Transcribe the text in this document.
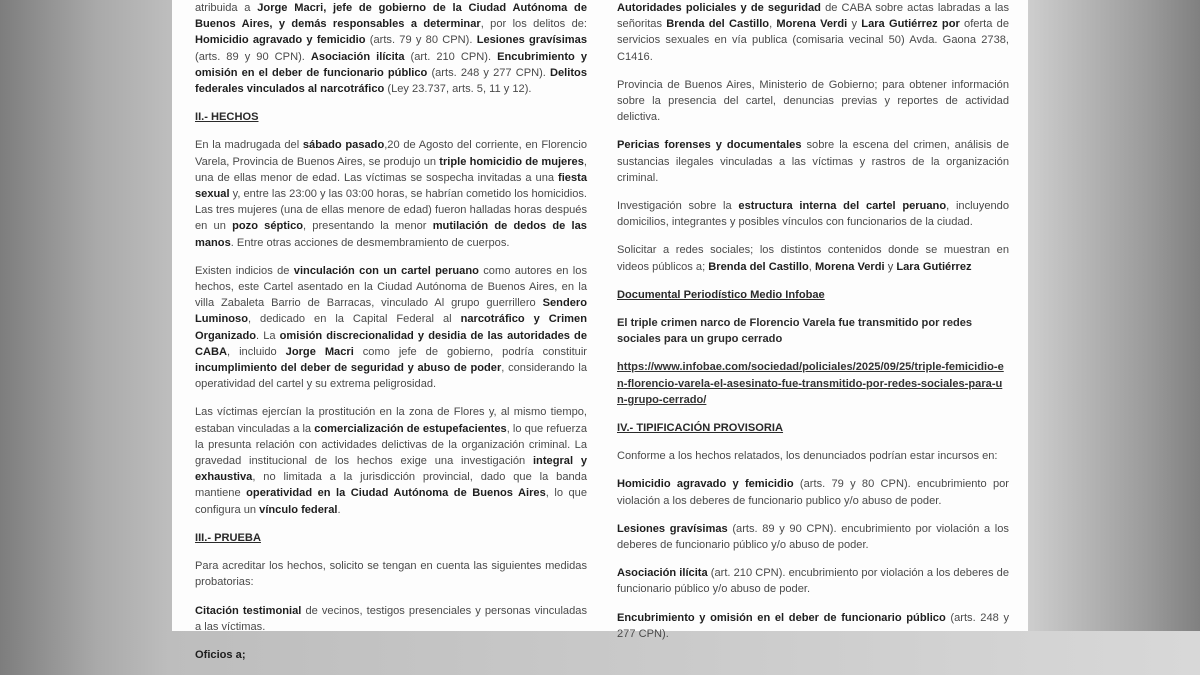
atribuida a Jorge Macri, jefe de gobierno de la Ciudad Autónoma de Buenos Aires, y demás responsables a determinar, por los delitos de: Homicidio agravado y femicidio (arts. 79 y 80 CPN). Lesiones gravísimas (arts. 89 y 90 CPN). Asociación ilícita (art. 210 CPN). Encubrimiento y omisión en el deber de funcionario público (arts. 248 y 277 CPN). Delitos federales vinculados al narcotráfico (Ley 23.737, arts. 5, 11 y 12).
II.- HECHOS
En la madrugada del sábado pasado,20 de Agosto del corriente, en Florencio Varela, Provincia de Buenos Aires, se produjo un triple homicidio de mujeres, una de ellas menor de edad. Las víctimas se sospecha invitadas a una fiesta sexual y, entre las 23:00 y las 03:00 horas, se habrían cometido los homicidios. Las tres mujeres (una de ellas menore de edad) fueron halladas horas después en un pozo séptico, presentando la menor mutilación de dedos de las manos. Entre otras acciones de desmembramiento de cuerpos.
Existen indicios de vinculación con un cartel peruano como autores en los hechos, este Cartel asentado en la Ciudad Autónoma de Buenos Aires, en la villa Zabaleta Barrio de Barracas, vinculado Al grupo guerrillero Sendero Luminoso, dedicado en la Capital Federal al narcotráfico y Crimen Organizado. La omisión discrecionalidad y desidia de las autoridades de CABA, incluido Jorge Macri como jefe de gobierno, podría constituir incumplimiento del deber de seguridad y abuso de poder, considerando la operatividad del cartel y su extrema peligrosidad.
Las víctimas ejercían la prostitución en la zona de Flores y, al mismo tiempo, estaban vinculadas a la comercialización de estupefacientes, lo que refuerza la presunta relación con actividades delictivas de la organización criminal. La gravedad institucional de los hechos exige una investigación integral y exhaustiva, no limitada a la jurisdicción provincial, dado que la banda mantiene operatividad en la Ciudad Autónoma de Buenos Aires, lo que configura un vínculo federal.
III.- PRUEBA
Para acreditar los hechos, solicito se tengan en cuenta las siguientes medidas probatorias:
Citación testimonial de vecinos, testigos presenciales y personas vinculadas a las víctimas.
Oficios a;
Autoridades policiales y de seguridad de CABA sobre actas labradas a las señoritas Brenda del Castillo, Morena Verdi y Lara Gutiérrez por oferta de servicios sexuales en vía publica (comisaria vecinal 50) Avda. Gaona 2738, C1416.
Provincia de Buenos Aires, Ministerio de Gobierno; para obtener información sobre la presencia del cartel, denuncias previas y reportes de actividad delictiva.
Pericias forenses y documentales sobre la escena del crimen, análisis de sustancias ilegales vinculadas a las víctimas y rastros de la organización criminal.
Investigación sobre la estructura interna del cartel peruano, incluyendo domicilios, integrantes y posibles vínculos con funcionarios de la ciudad.
Solicitar a redes sociales; los distintos contenidos donde se muestran en videos públicos a; Brenda del Castillo, Morena Verdi y Lara Gutiérrez
Documental Periodístico Medio Infobae
El triple crimen narco de Florencio Varela fue transmitido por redes sociales para un grupo cerrado
https://www.infobae.com/sociedad/policiales/2025/09/25/triple-femicidio-en-florencio-varela-el-asesinato-fue-transmitido-por-redes-sociales-para-un-grupo-cerrado/
IV.- TIPIFICACIÓN PROVISORIA
Conforme a los hechos relatados, los denunciados podrían estar incursos en:
Homicidio agravado y femicidio (arts. 79 y 80 CPN). encubrimiento por violación a los deberes de funcionario publico y/o abuso de poder.
Lesiones gravísimas (arts. 89 y 90 CPN). encubrimiento por violación a los deberes de funcionario público y/o abuso de poder.
Asociación ilícita (art. 210 CPN). encubrimiento por violación a los deberes de funcionario público y/o abuso de poder.
Encubrimiento y omisión en el deber de funcionario público (arts. 248 y 277 CPN).
